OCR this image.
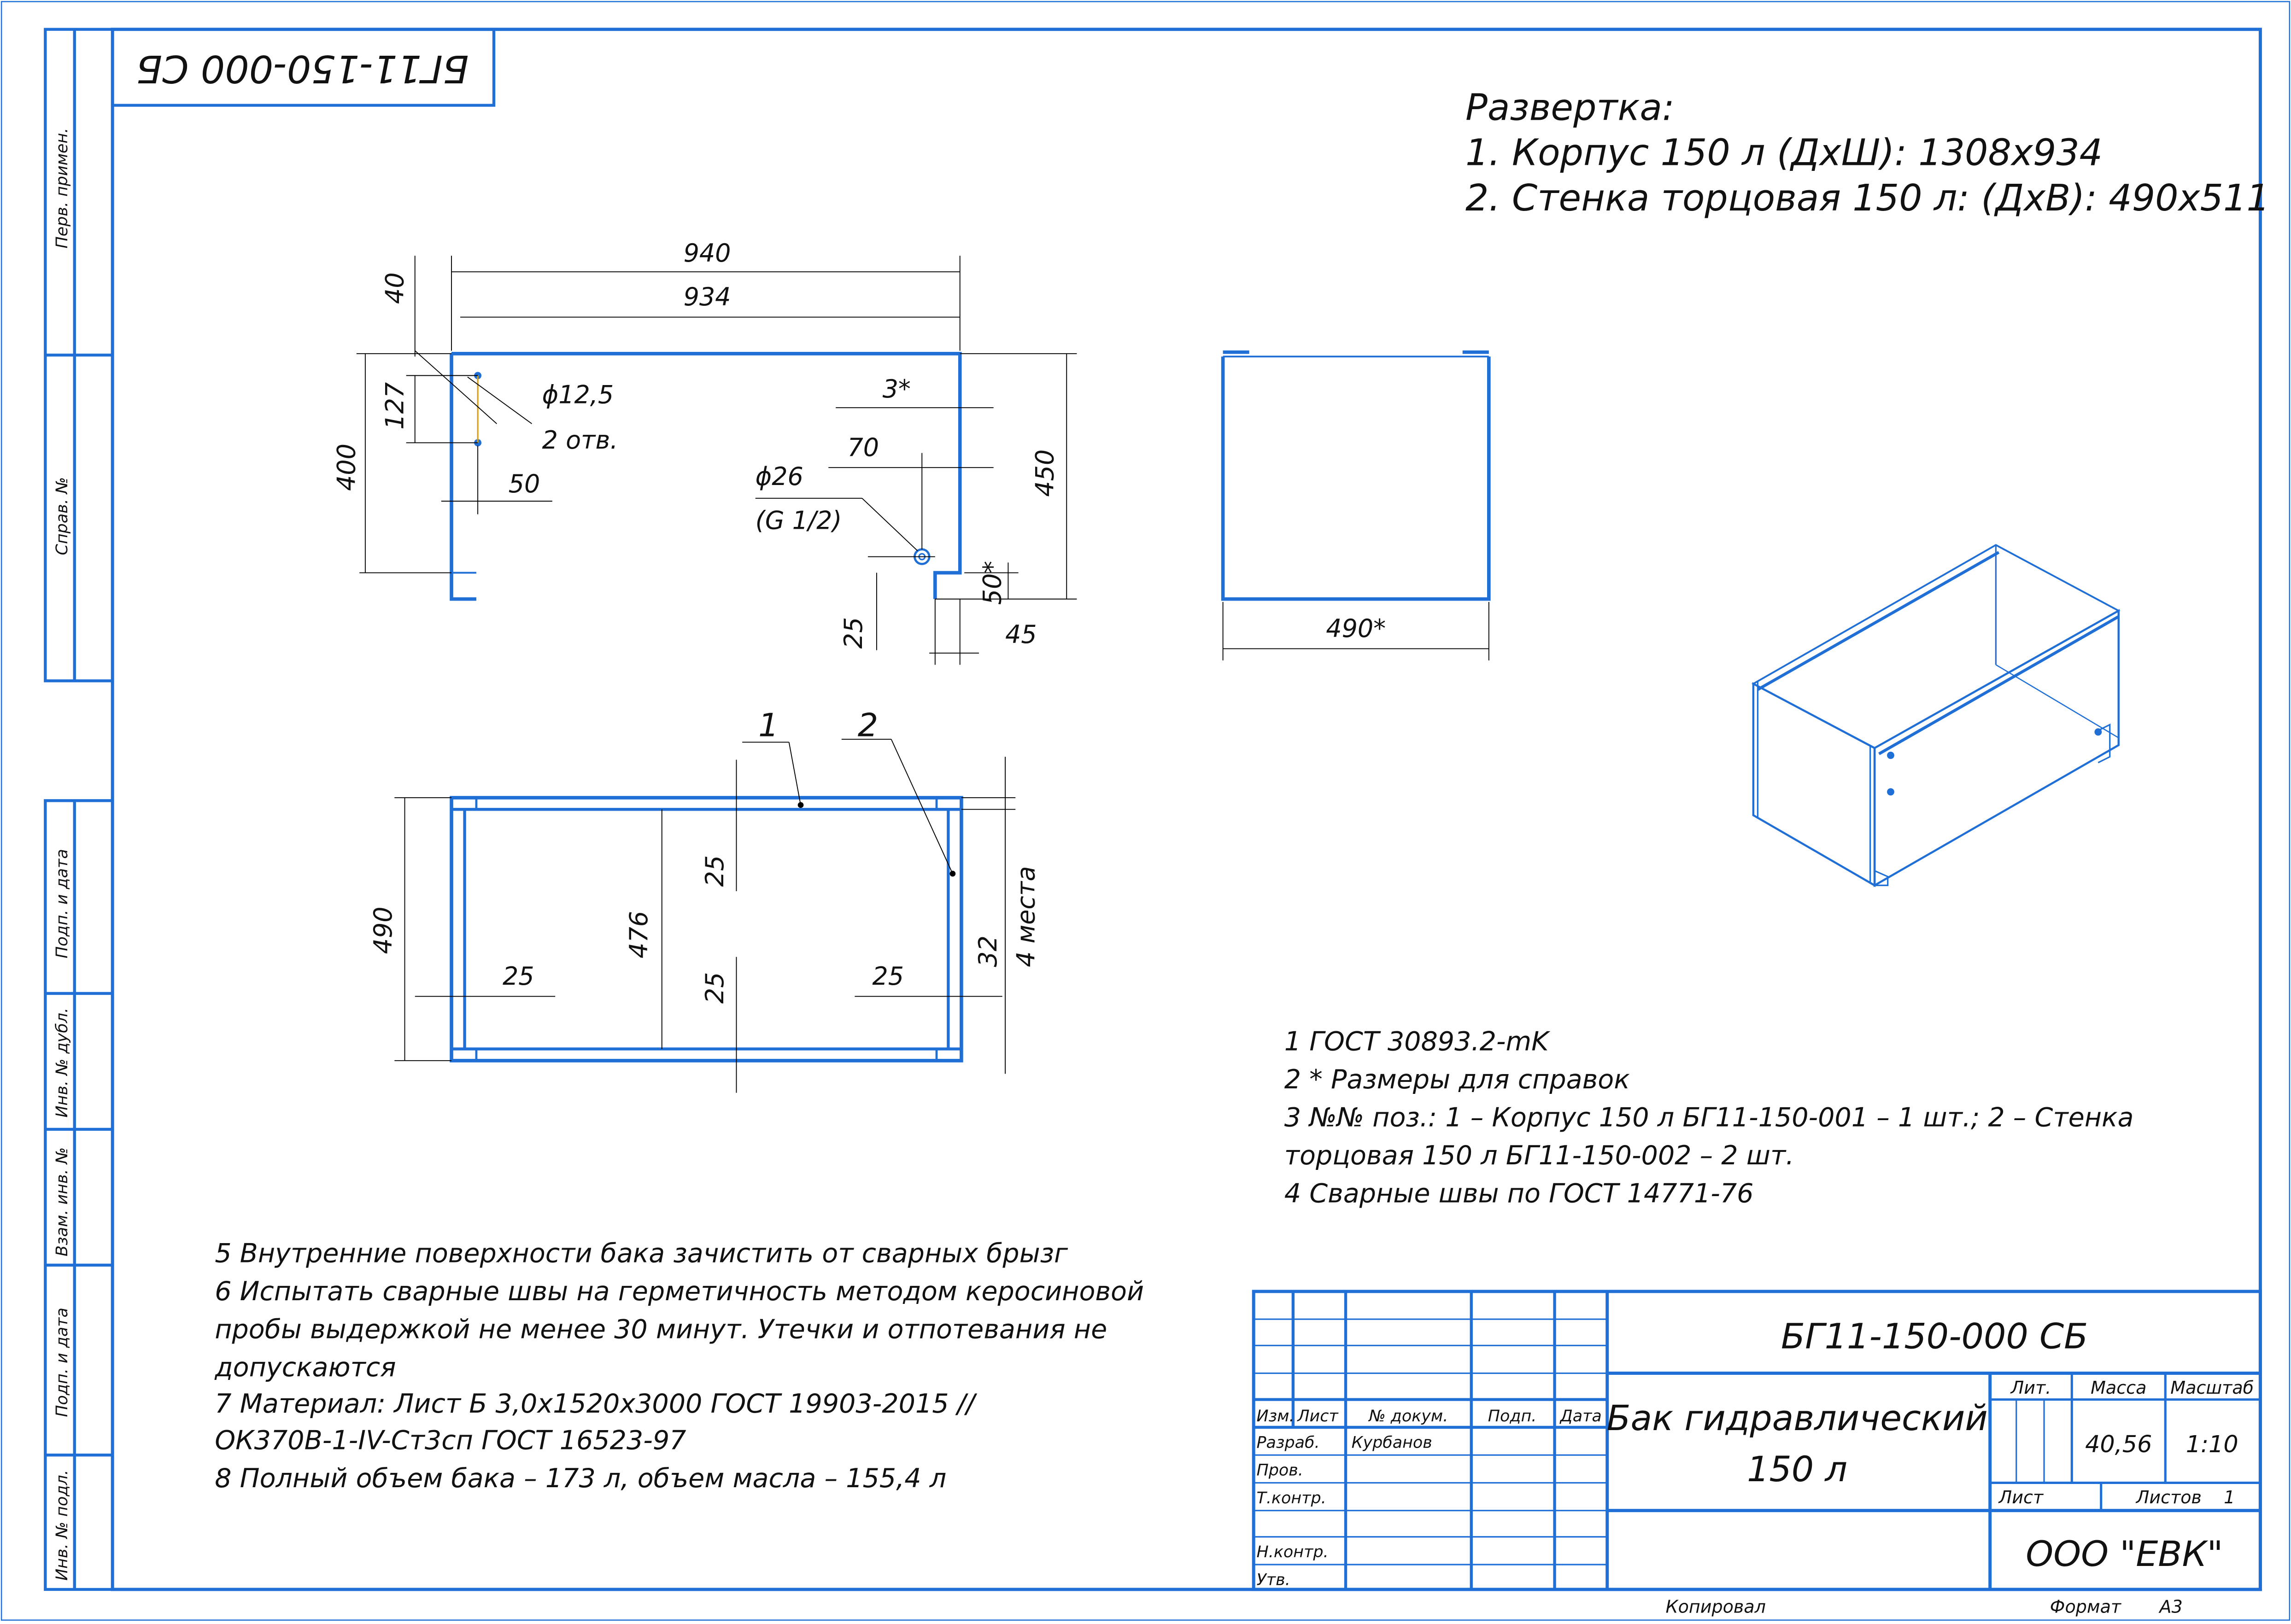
Перв. примен.
Справ. №
Подп. и дата
Инв. № дубл.
Взам. инв. №
Подп. и дата
Инв. № подл.
БГ11-150-000 СБ
Развертка:
1. Корпус 150 л (ДхШ): 1308х934
2. Стенка торцовая 150 л: (ДхВ): 490х511
940
934
40
127
400
ϕ12,5
2 отв.
50
3*
70
ϕ26
(G 1/2)
450
50*
25	45	490*
1	2
490	476
25
25
25	25
32 4 места
1 ГОСТ 30893.2-mK
2 * Размеры для справок
3 №№ поз.: 1 – Корпус 150 л БГ11-150-001 – 1 шт.; 2 – Стенка
торцовая 150 л БГ11-150-002 – 2 шт.
4 Сварные швы по ГОСТ 14771-76
5 Внутренние поверхности бака зачистить от сварных брызг
6 Испытать сварные швы на герметичность методом керосиновой
пробы выдержкой не менее 30 минут. Утечки и отпотевания не
допускаются
7 Материал: Лист Б 3,0х1520х3000 ГОСТ 19903-2015 //
ОК370В-1-IV-Ст3сп ГОСТ 16523-97
8 Полный объем бака – 173 л, объем масла – 155,4 л
БГ11-150-000 СБ
Бак гидравлический
150 л
Изм. Лист	№ докум.	Подп.	Дата
Разраб.	Курбанов
Пров.
Т.контр.
Н.контр.
Утв.
Лит.	Масса	Масштаб
40,56	1:10
Лист	Листов	1
ООО "ЕВК"
Копировал	Формат	А3
